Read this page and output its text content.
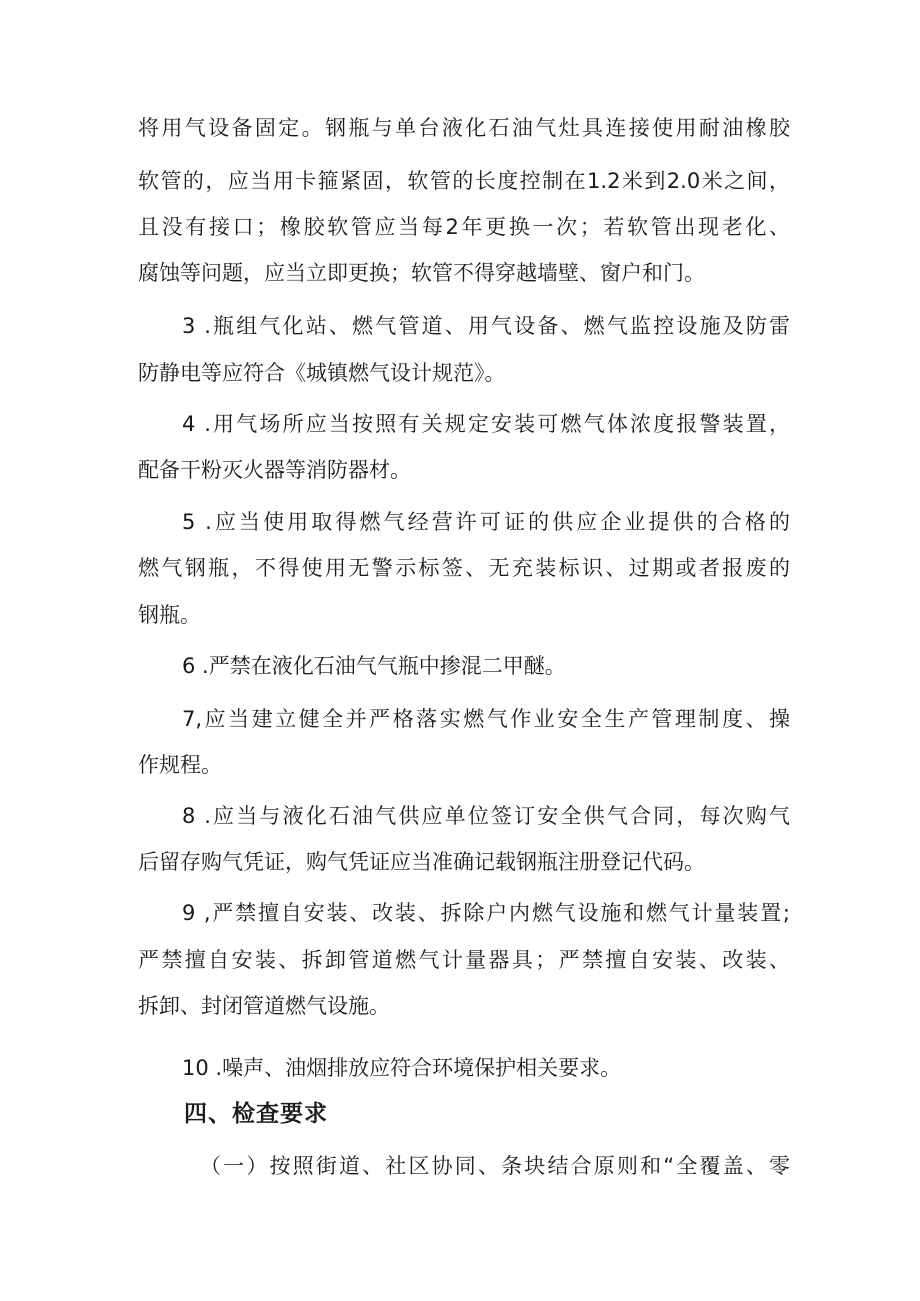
将用气设备固定。钢瓶与单台液化石油气灶具连接使用耐油橡胶
软管的，应当用卡箍紧固，软管的长度控制在1.2米到2.0米之间，
且没有接口；橡胶软管应当每2年更换一次；若软管出现老化、
腐蚀等问题，应当立即更换；软管不得穿越墙壁、窗户和门。
3 .瓶组气化站、燃气管道、用气设备、燃气监控设施及防雷
防静电等应符合《城镇燃气设计规范》。
4 .用气场所应当按照有关规定安装可燃气体浓度报警装置，
配备干粉灭火器等消防器材。
5 .应当使用取得燃气经营许可证的供应企业提供的合格的
燃气钢瓶，不得使用无警示标签、无充装标识、过期或者报废的
钢瓶。
6 .严禁在液化石油气气瓶中掺混二甲醚。
7,应当建立健全并严格落实燃气作业安全生产管理制度、操
作规程。
8 .应当与液化石油气供应单位签订安全供气合同，每次购气
后留存购气凭证，购气凭证应当准确记载钢瓶注册登记代码。
9 ,严禁擅自安装、改装、拆除户内燃气设施和燃气计量装置;
严禁擅自安装、拆卸管道燃气计量器具；严禁擅自安装、改装、
拆卸、封闭管道燃气设施。
10 .噪声、油烟排放应符合环境保护相关要求。
四、检查要求
（一）按照街道、社区协同、条块结合原则和“全覆盖、零
